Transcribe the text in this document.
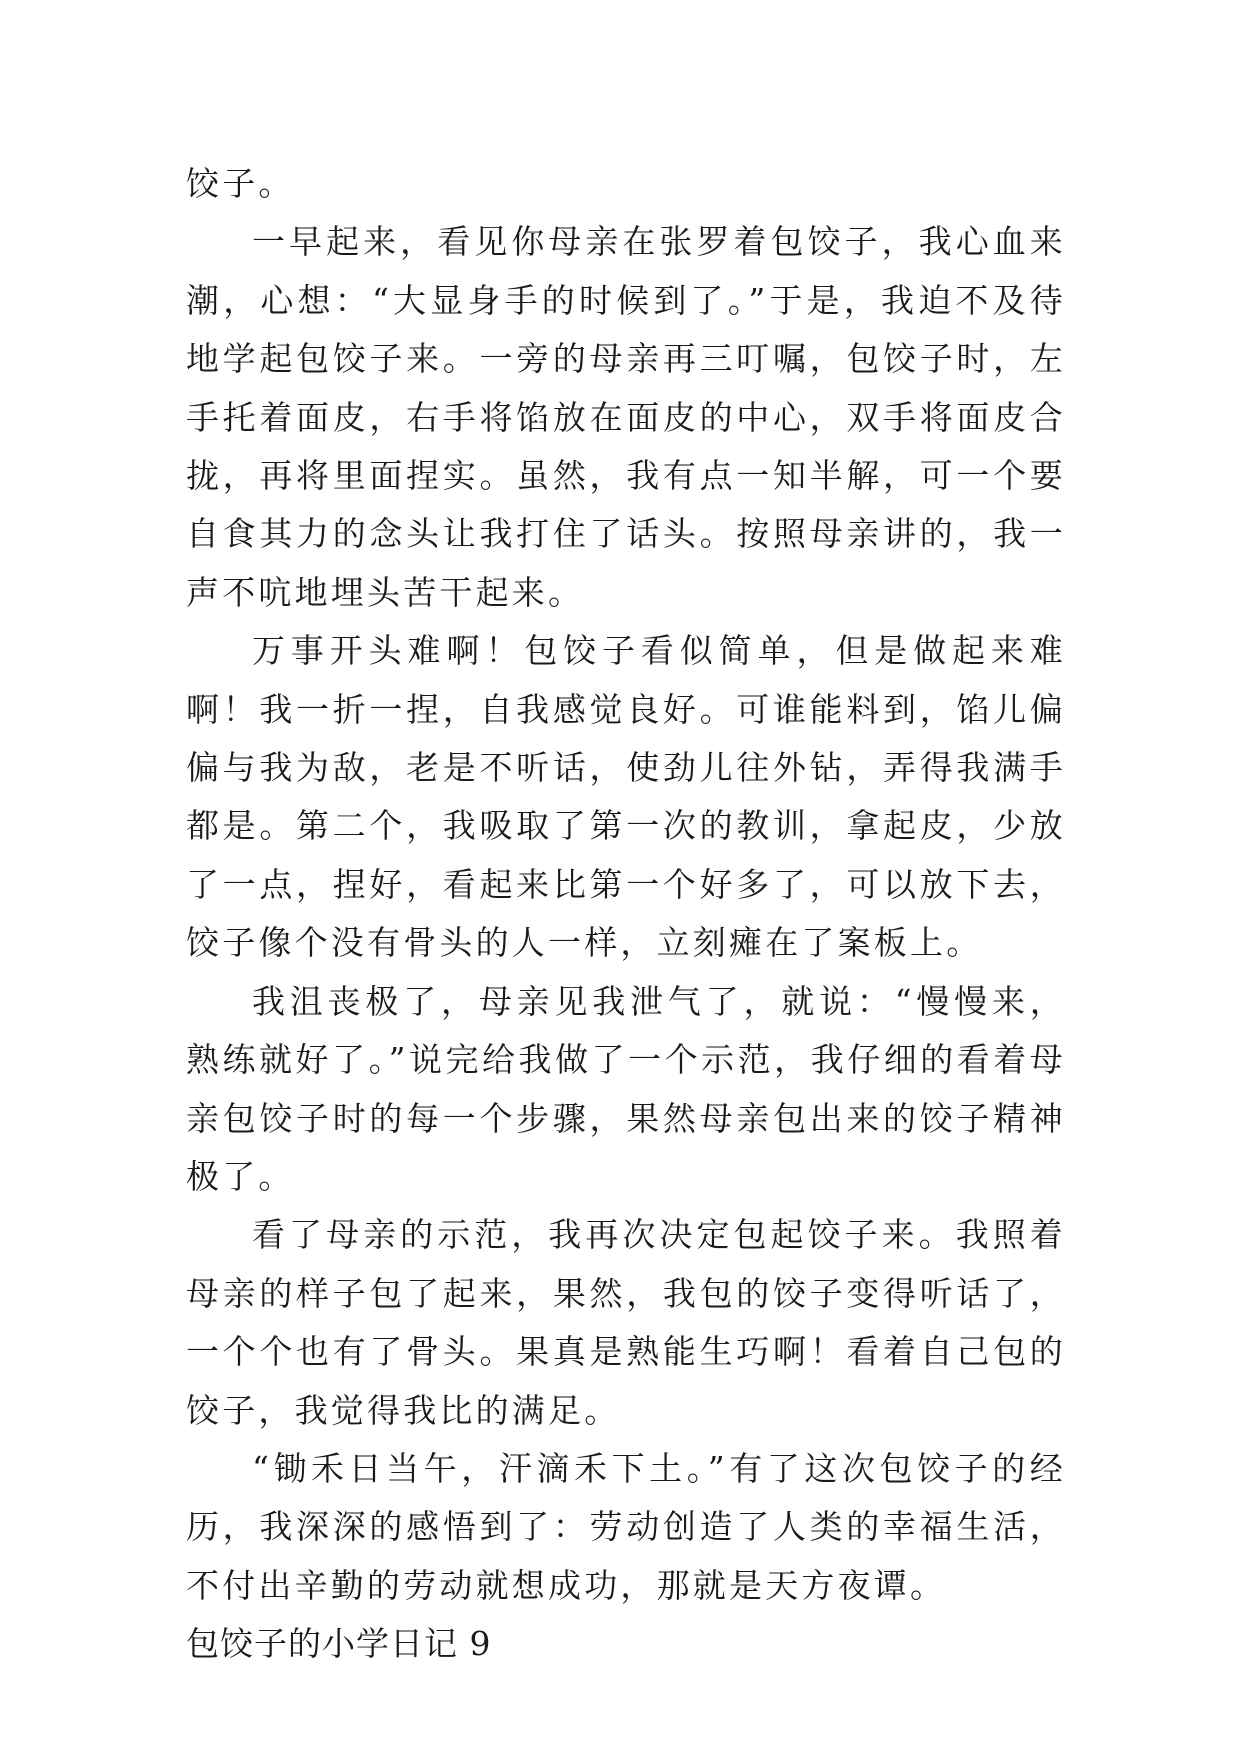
饺子。

一早起来，看见你母亲在张罗着包饺子，我心血来潮，心想：“大显身手的时候到了。”于是，我迫不及待地学起包饺子来。一旁的母亲再三叮嘱，包饺子时，左手托着面皮，右手将馅放在面皮的中心，双手将面皮合拢，再将里面捏实。虽然，我有点一知半解，可一个要自食其力的念头让我打住了话头。按照母亲讲的，我一声不吭地埋头苦干起来。

万事开头难啊！包饺子看似简单，但是做起来难啊！我一折一捏，自我感觉良好。可谁能料到，馅儿偏偏与我为敌，老是不听话，使劲儿往外钻，弄得我满手都是。第二个，我吸取了第一次的教训，拿起皮，少放了一点，捏好，看起来比第一个好多了，可以放下去，饺子像个没有骨头的人一样，立刻瘫在了案板上。

我沮丧极了，母亲见我泄气了，就说：“慢慢来，熟练就好了。”说完给我做了一个示范，我仔细的看着母亲包饺子时的每一个步骤，果然母亲包出来的饺子精神极了。

看了母亲的示范，我再次决定包起饺子来。我照着母亲的样子包了起来，果然，我包的饺子变得听话了，一个个也有了骨头。果真是熟能生巧啊！看着自己包的饺子，我觉得我比的满足。

“锄禾日当午，汗滴禾下土。”有了这次包饺子的经历，我深深的感悟到了：劳动创造了人类的幸福生活，不付出辛勤的劳动就想成功，那就是天方夜谭。

包饺子的小学日记 9
